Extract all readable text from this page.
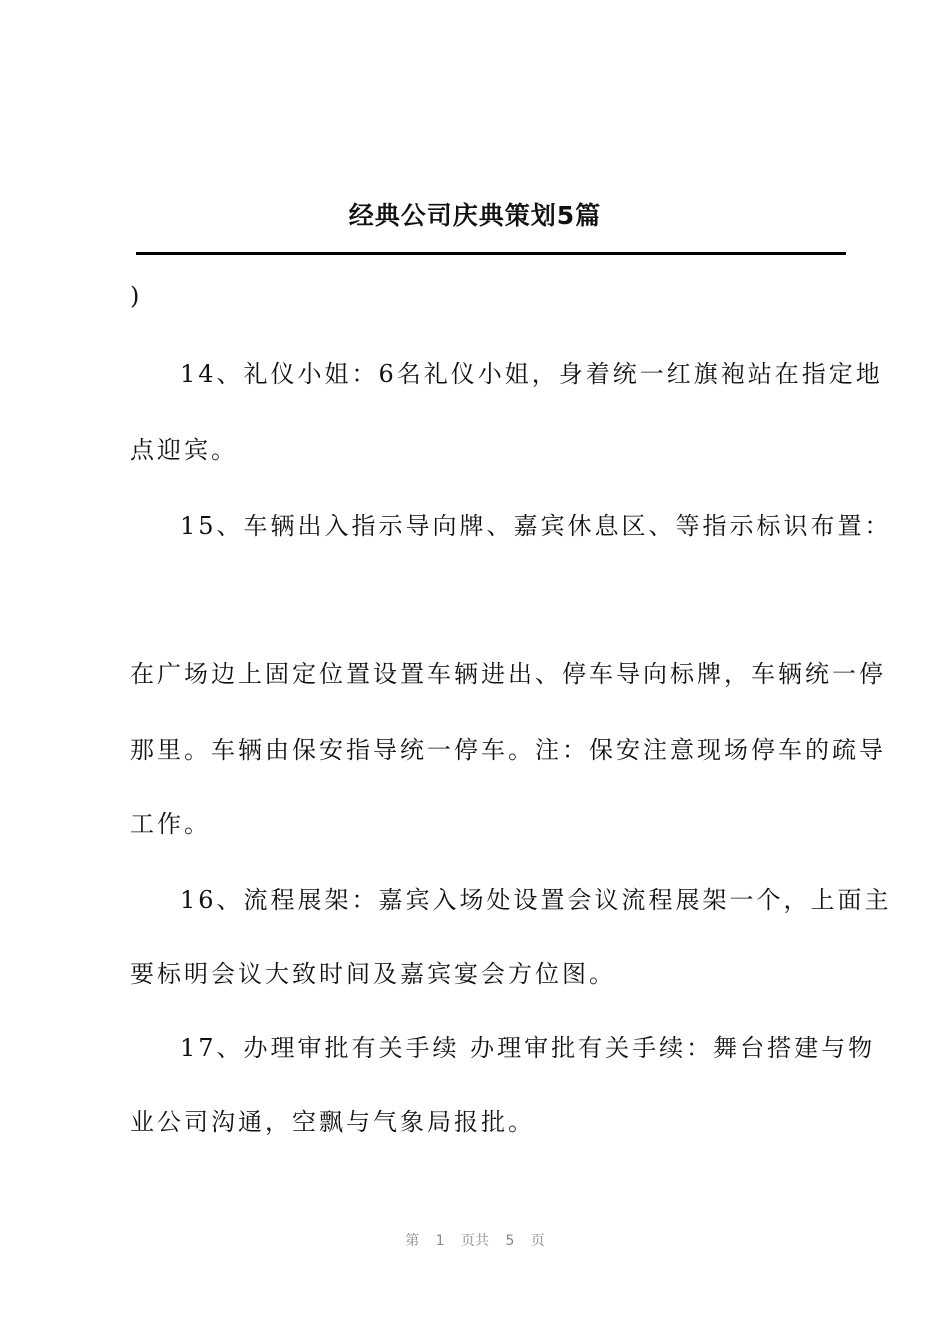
经典公司庆典策划5篇
)
14、礼仪小姐：6名礼仪小姐，身着统一红旗袍站在指定地
点迎宾。
15、车辆出入指示导向牌、嘉宾休息区、等指示标识布置：
在广场边上固定位置设置车辆进出、停车导向标牌，车辆统一停
那里。车辆由保安指导统一停车。注：保安注意现场停车的疏导
工作。
16、流程展架：嘉宾入场处设置会议流程展架一个，上面主
要标明会议大致时间及嘉宾宴会方位图。
17、办理审批有关手续 办理审批有关手续：舞台搭建与物
业公司沟通，空飘与气象局报批。
第 1 页共 5 页
